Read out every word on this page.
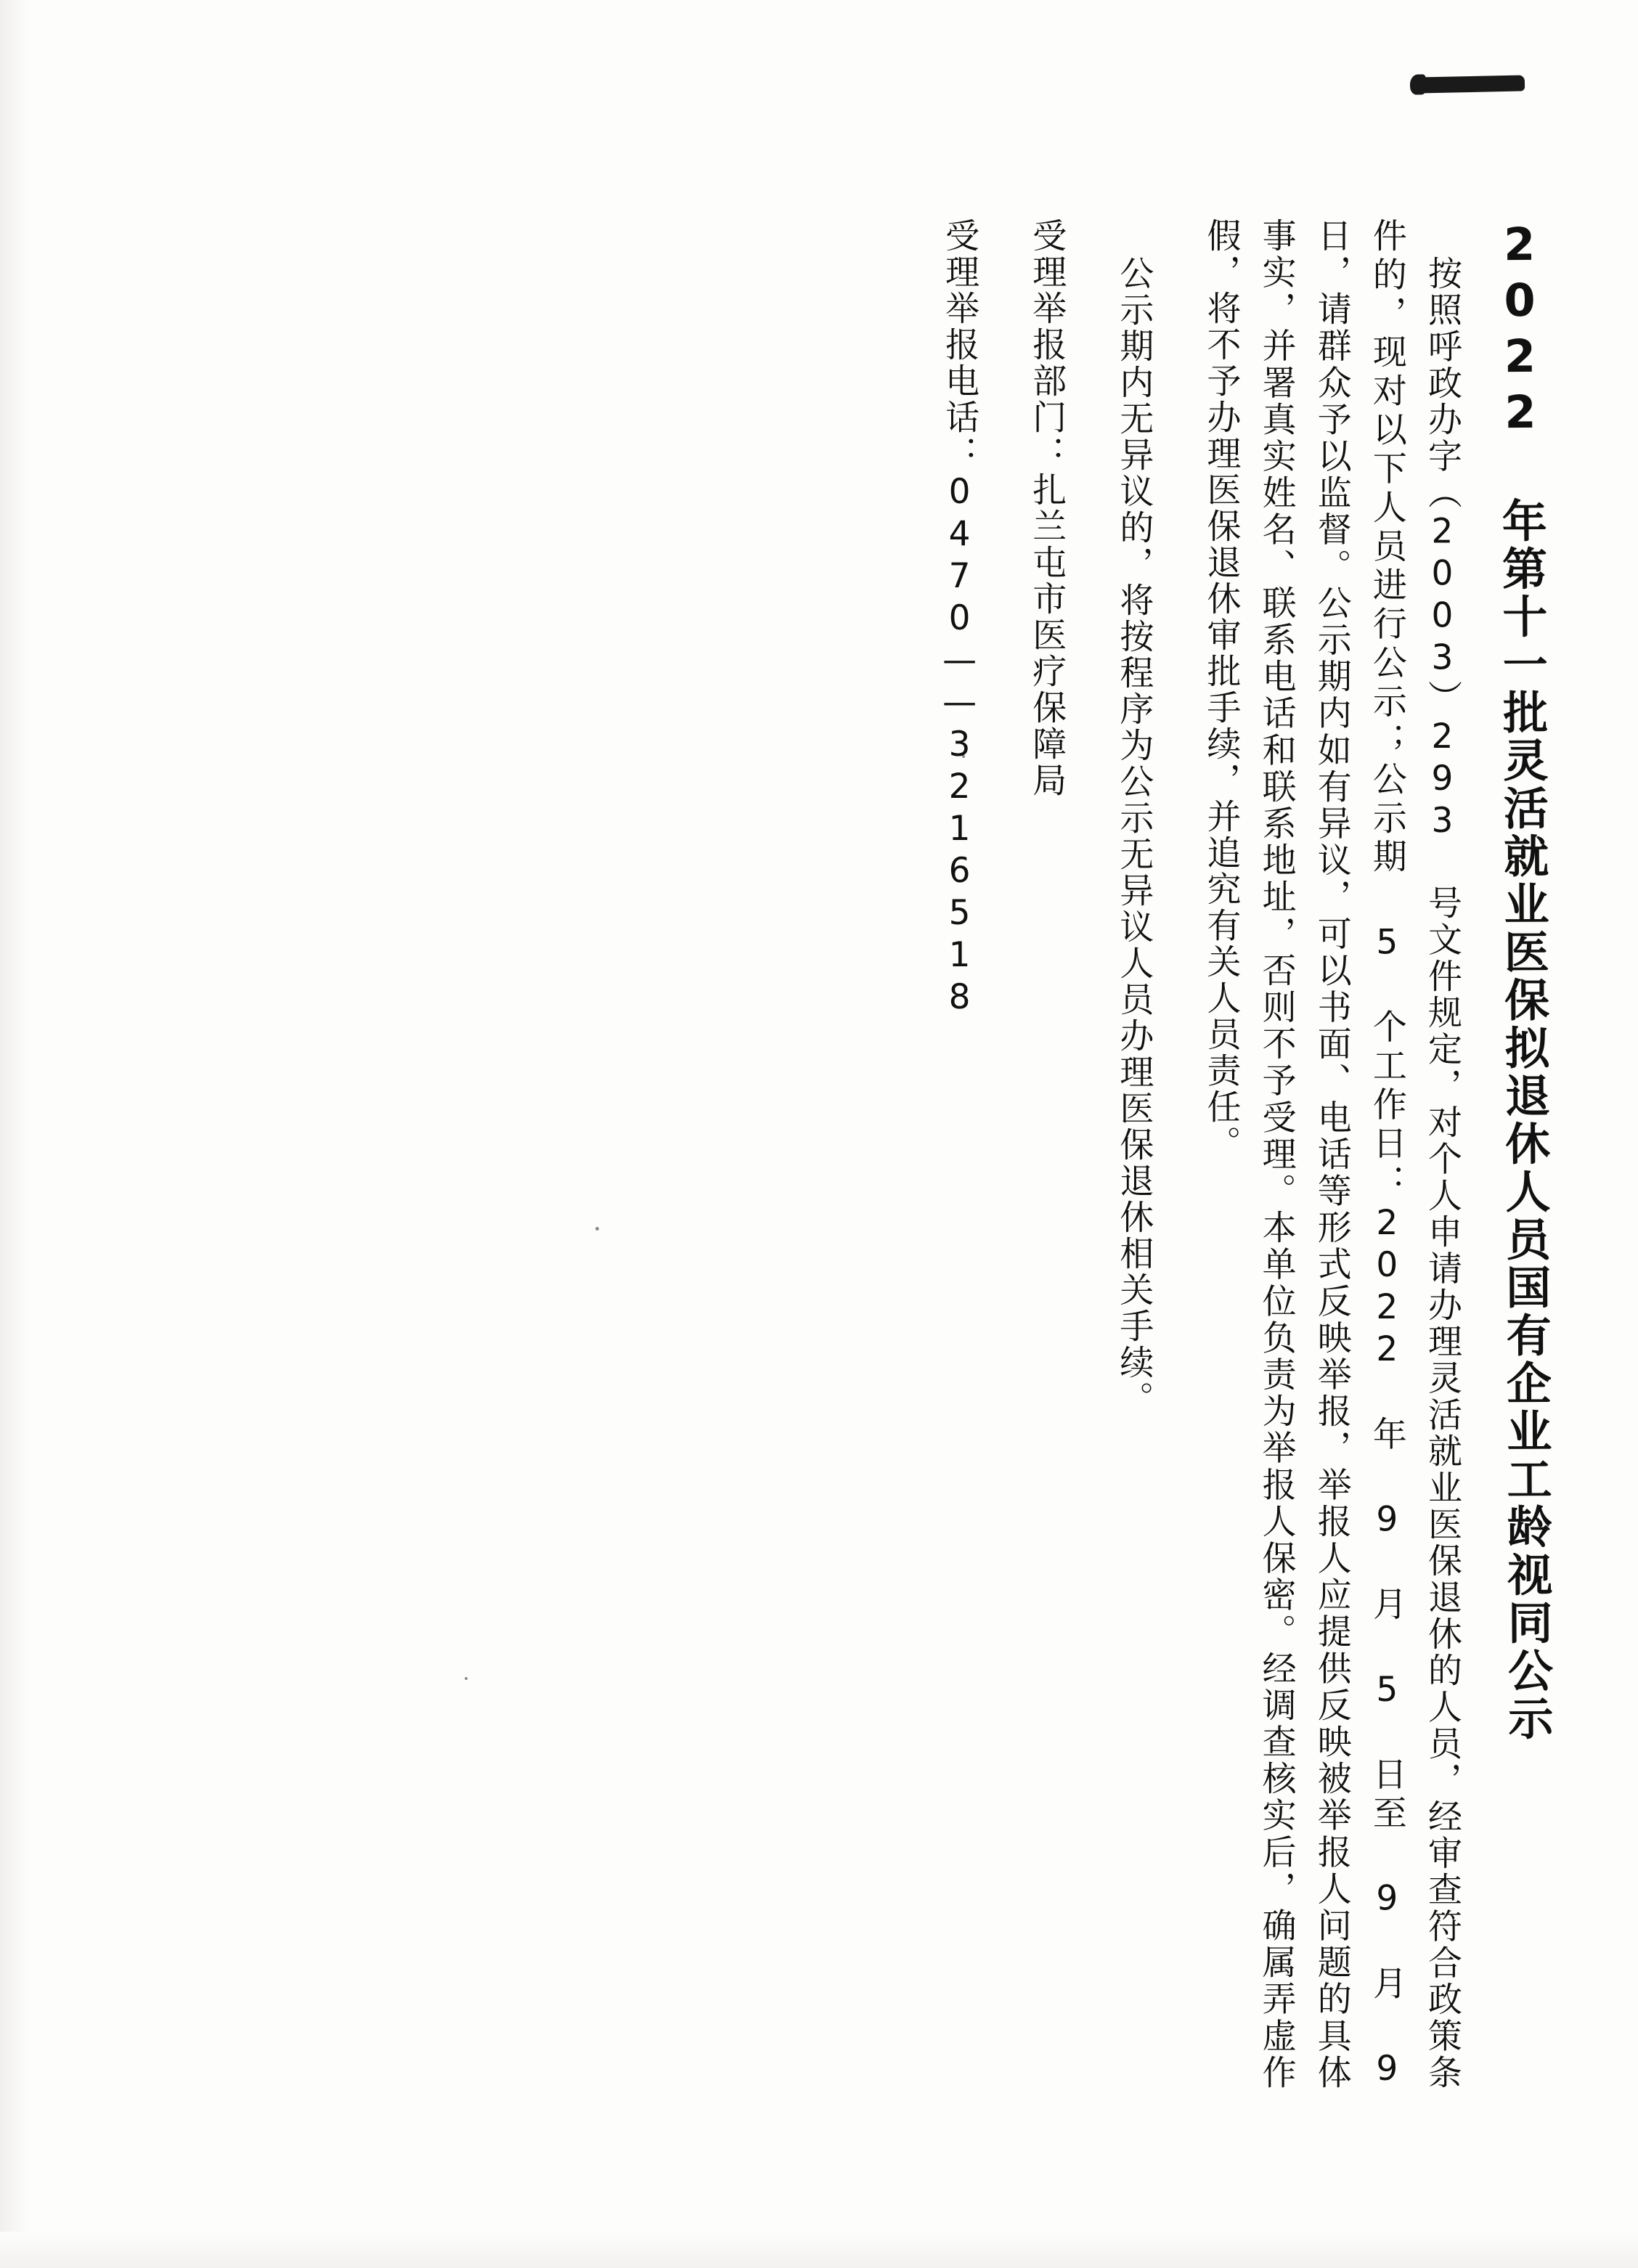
2022 年第十一批灵活就业医保拟退休人员国有企业工龄视同公示

按照呼政办字（2003）293 号文件规定，对个人申请办理灵活就业医保退休的人员，经审查符合政策条件的，现对以下人员进行公示；公示期 5 个工作日：2022 年 9 月 5 日至 9 月 9 日，请群众予以监督。公示期内如有异议，可以书面、电话等形式反映举报，举报人应提供反映被举报人问题的具体事实，并署真实姓名、联系电话和联系地址，否则不予受理。本单位负责为举报人保密。经调查核实后，确属弄虚作假，将不予办理医保退休审批手续，并追究有关人员责任。

公示期内无异议的，将按程序为公示无异议人员办理医保退休相关手续。

受理举报部门：扎兰屯市医疗保障局

受理举报电话：0470——3216518
